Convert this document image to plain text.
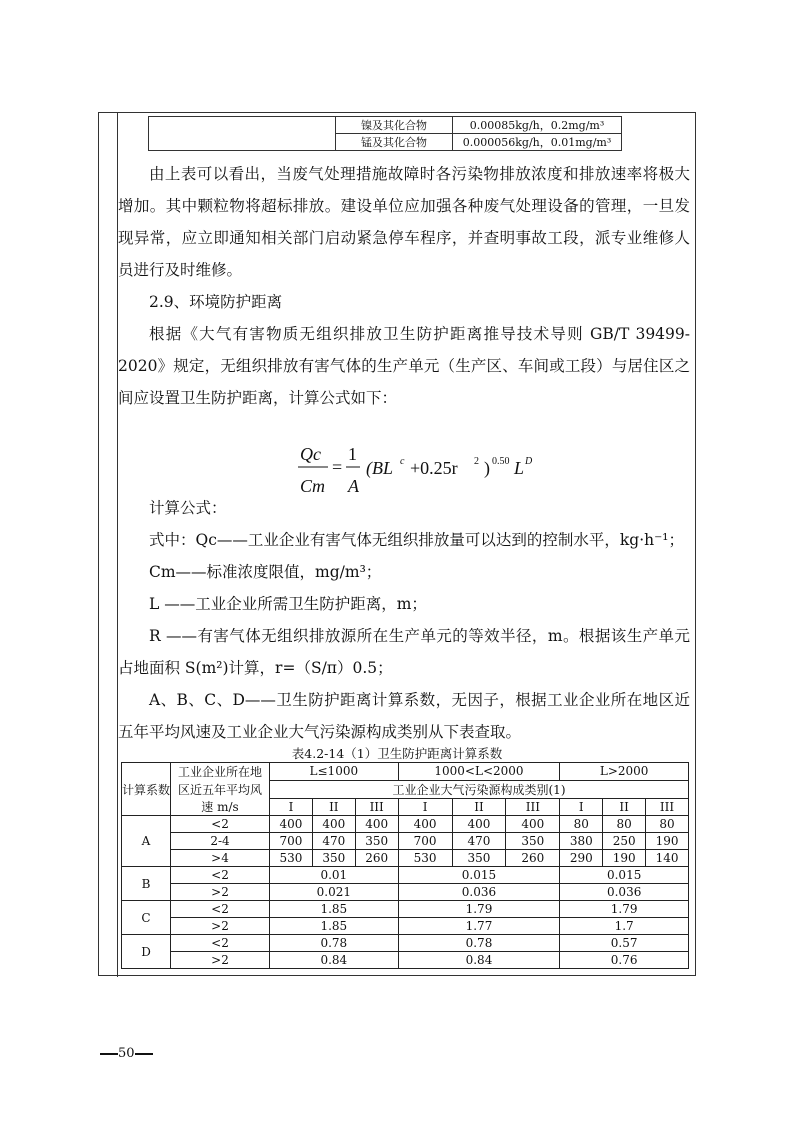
	镍及其化合物	0.00085kg/h，0.2mg/m³
	锰及其化合物	0.000056kg/h，0.01mg/m³

由上表可以看出，当废气处理措施故障时各污染物排放浓度和排放速率将极大增加。其中颗粒物将超标排放。建设单位应加强各种废气处理设备的管理，一旦发现异常，应立即通知相关部门启动紧急停车程序，并查明事故工段，派专业维修人员进行及时维修。

2.9、环境防护距离

根据《大气有害物质无组织排放卫生防护距离推导技术导则 GB/T 39499-2020》规定，无组织排放有害气体的生产单元（生产区、车间或工段）与居住区之间应设置卫生防护距离，计算公式如下：

Qc
Cm
=
1
A
(BL c +0.25r 2 ) 0.50 L D

计算公式：

式中：Qc——工业企业有害气体无组织排放量可以达到的控制水平，kg·h⁻¹；

Cm——标准浓度限值，mg/m³；

L ——工业企业所需卫生防护距离，m；

R ——有害气体无组织排放源所在生产单元的等效半径，m。根据该生产单元占地面积 S(m²)计算，r=（S/π）0.5；

A、B、C、D——卫生防护距离计算系数，无因子，根据工业企业所在地区近五年平均风速及工业企业大气污染源构成类别从下表查取。

表4.2-14（1）卫生防护距离计算系数
计算系数	工业企业所在地	L≤1000			1000<L<2000			L>2000		
	区近五年平均风	工业企业大气污染源构成类别(1)								
	速 m/s	I	II	III	I	II	III	I	II	III
A	<2	400	400	400	400	400	400	80	80	80
	2-4	700	470	350	700	470	350	380	250	190
	>4	530	350	260	530	350	260	290	190	140
B	<2	0.01			0.015			0.015		
	>2	0.021			0.036			0.036		
C	<2	1.85			1.79			1.79		
	>2	1.85			1.77			1.7		
D	<2	0.78			0.78			0.57		
	>2	0.84			0.84			0.76		
50
